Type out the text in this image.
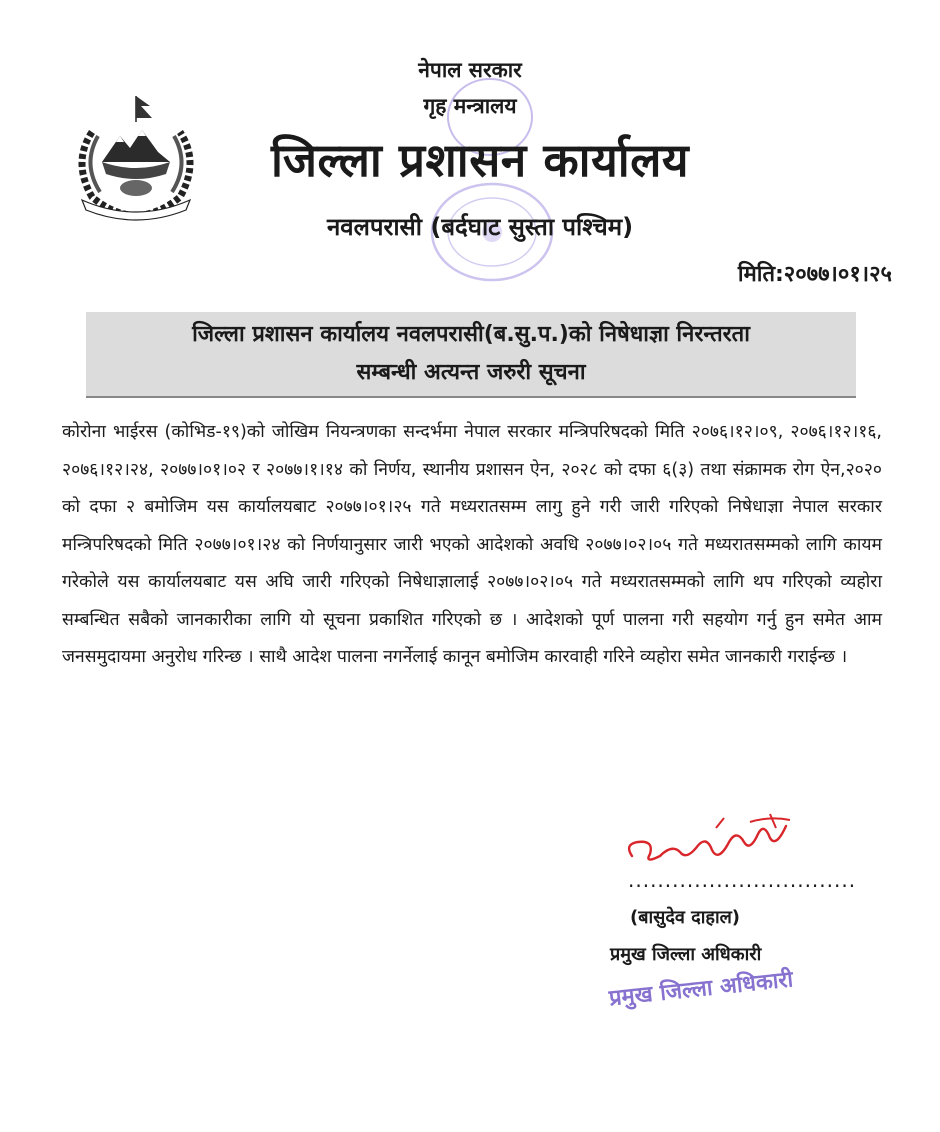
नेपाल सरकार
गृह मन्त्रालय
जिल्ला प्रशासन कार्यालय
नवलपरासी (बर्दघाट सुस्ता पश्चिम)
मिति:२०७७।०१।२५
जिल्ला प्रशासन कार्यालय नवलपरासी(ब.सु.प.)को निषेधाज्ञा निरन्तरता
सम्बन्धी अत्यन्त जरुरी सूचना
कोरोना भाईरस (कोभिड-१९)को जोखिम नियन्त्रणका सन्दर्भमा नेपाल सरकार मन्त्रिपरिषदको मिति २०७६।१२।०९, २०७६।१२।१६, २०७६।१२।२४, २०७७।०१।०२ र २०७७।१।१४ को निर्णय, स्थानीय प्रशासन ऐन, २०२८ को दफा ६(३) तथा संक्रामक रोग ऐन,२०२० को दफा २ बमोजिम यस कार्यालयबाट २०७७।०१।२५ गते मध्यरातसम्म लागु हुने गरी जारी गरिएको निषेधाज्ञा नेपाल सरकार मन्त्रिपरिषदको मिति २०७७।०१।२४ को निर्णयानुसार जारी भएको आदेशको अवधि २०७७।०२।०५ गते मध्यरातसम्मको लागि कायम गरेकोले यस कार्यालयबाट यस अघि जारी गरिएको निषेधाज्ञालाई २०७७।०२।०५ गते मध्यरातसम्मको लागि थप गरिएको व्यहोरा सम्बन्धित सबैको जानकारीका लागि यो सूचना प्रकाशित गरिएको छ । आदेशको पूर्ण पालना गरी सहयोग गर्नु हुन समेत आम जनसमुदायमा अनुरोध गरिन्छ । साथै आदेश पालना नगर्नेलाई कानून बमोजिम कारवाही गरिने व्यहोरा समेत जानकारी गराईन्छ ।
...............................
(बासुदेव दाहाल)
प्रमुख जिल्ला अधिकारी
प्रमुख जिल्ला अधिकारी
